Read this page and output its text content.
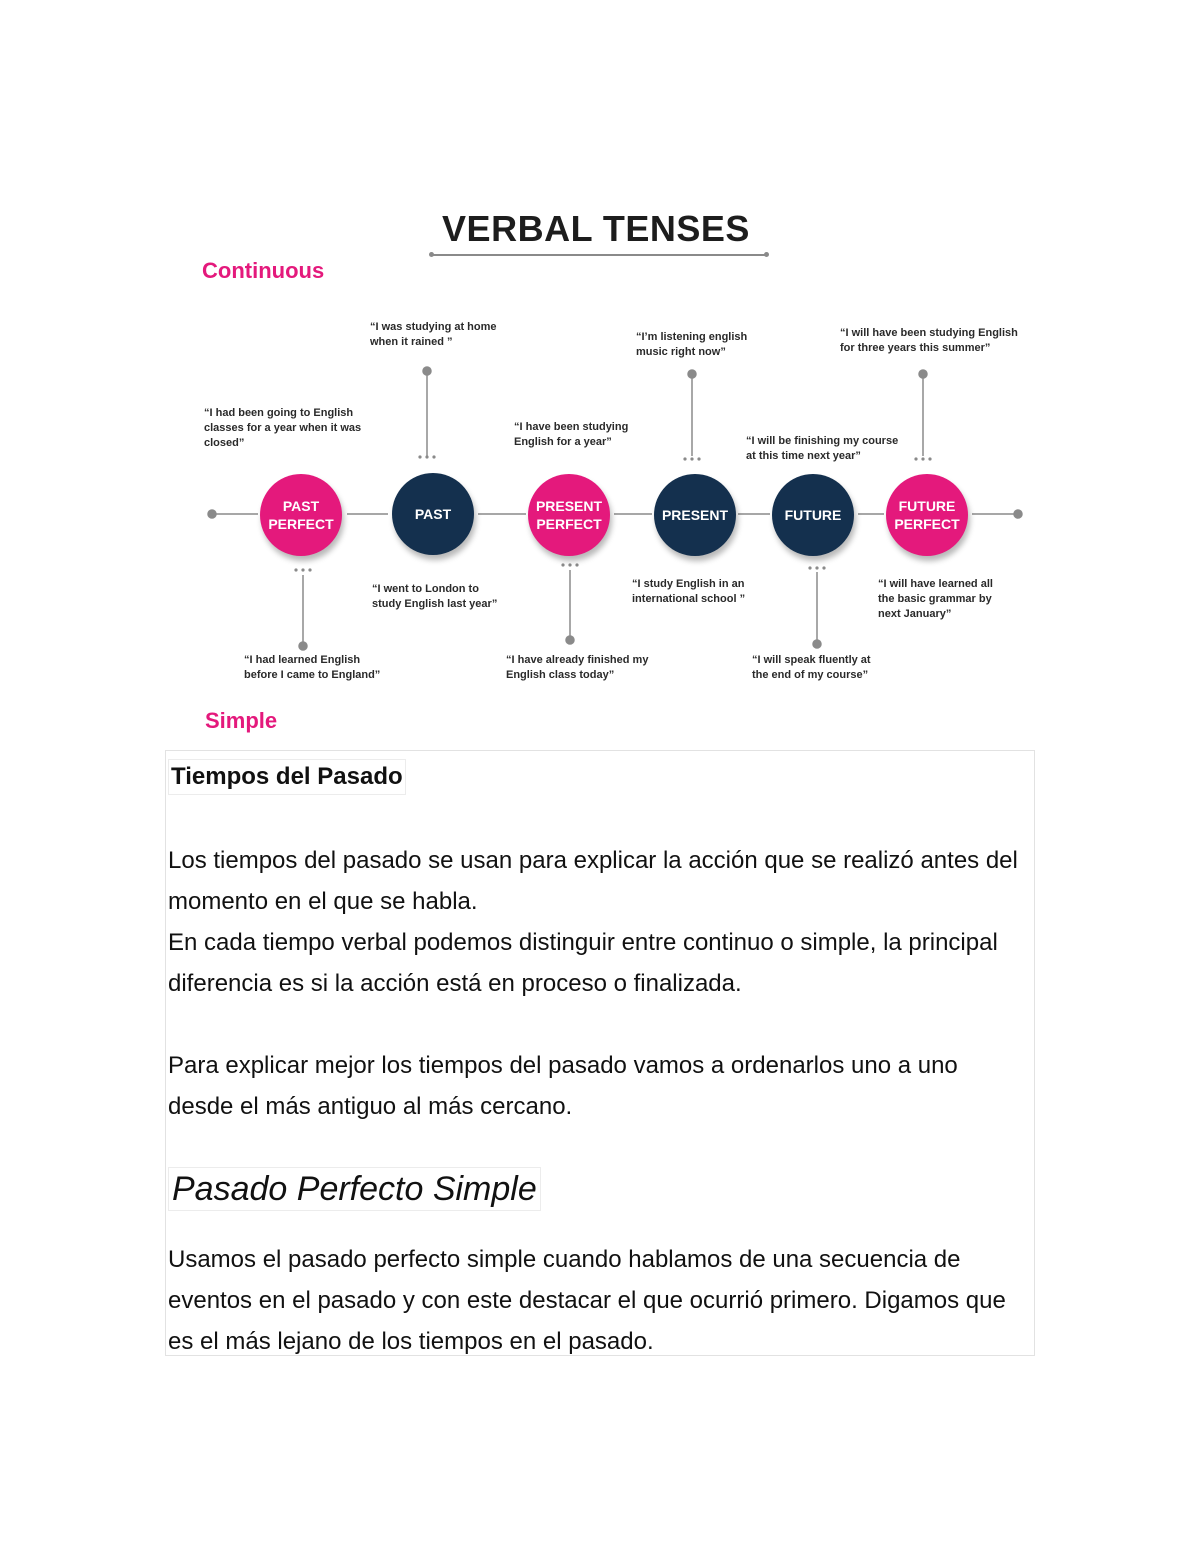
VERBAL TENSES
Continuous
Simple
PAST
PERFECT
PAST	PRESENT
PERFECT
PRESENT	FUTURE
FUTURE
PERFECT
“I had been going to English
classes for a year when it was
closed”
“I was studying at home
when it rained ”
“I have been studying
English for a year”
“I’m listening english
music right now”
“I will be finishing my course
at this time next year”
“I will have been studying English
for three years this summer”
“I went to London to
study English last year”
“I study English in an
international school ”
“I will have learned all
the basic grammar by
next January”
“I had learned English
before I came to England”
“I have already finished my
English class today”
“I will speak fluently at
the end of my course”
Tiempos del Pasado
Los tiempos del pasado se usan para explicar la acción que se realizó antes del momento en el que se habla.
En cada tiempo verbal podemos distinguir entre continuo o simple, la principal diferencia es si la acción está en proceso o finalizada.
Para explicar mejor los tiempos del pasado vamos a ordenarlos uno a uno desde el más antiguo al más cercano.
Pasado Perfecto Simple
Usamos el pasado perfecto simple cuando hablamos de una secuencia de eventos en el pasado y con este destacar el que ocurrió primero. Digamos que es el más lejano de los tiempos en el pasado.
